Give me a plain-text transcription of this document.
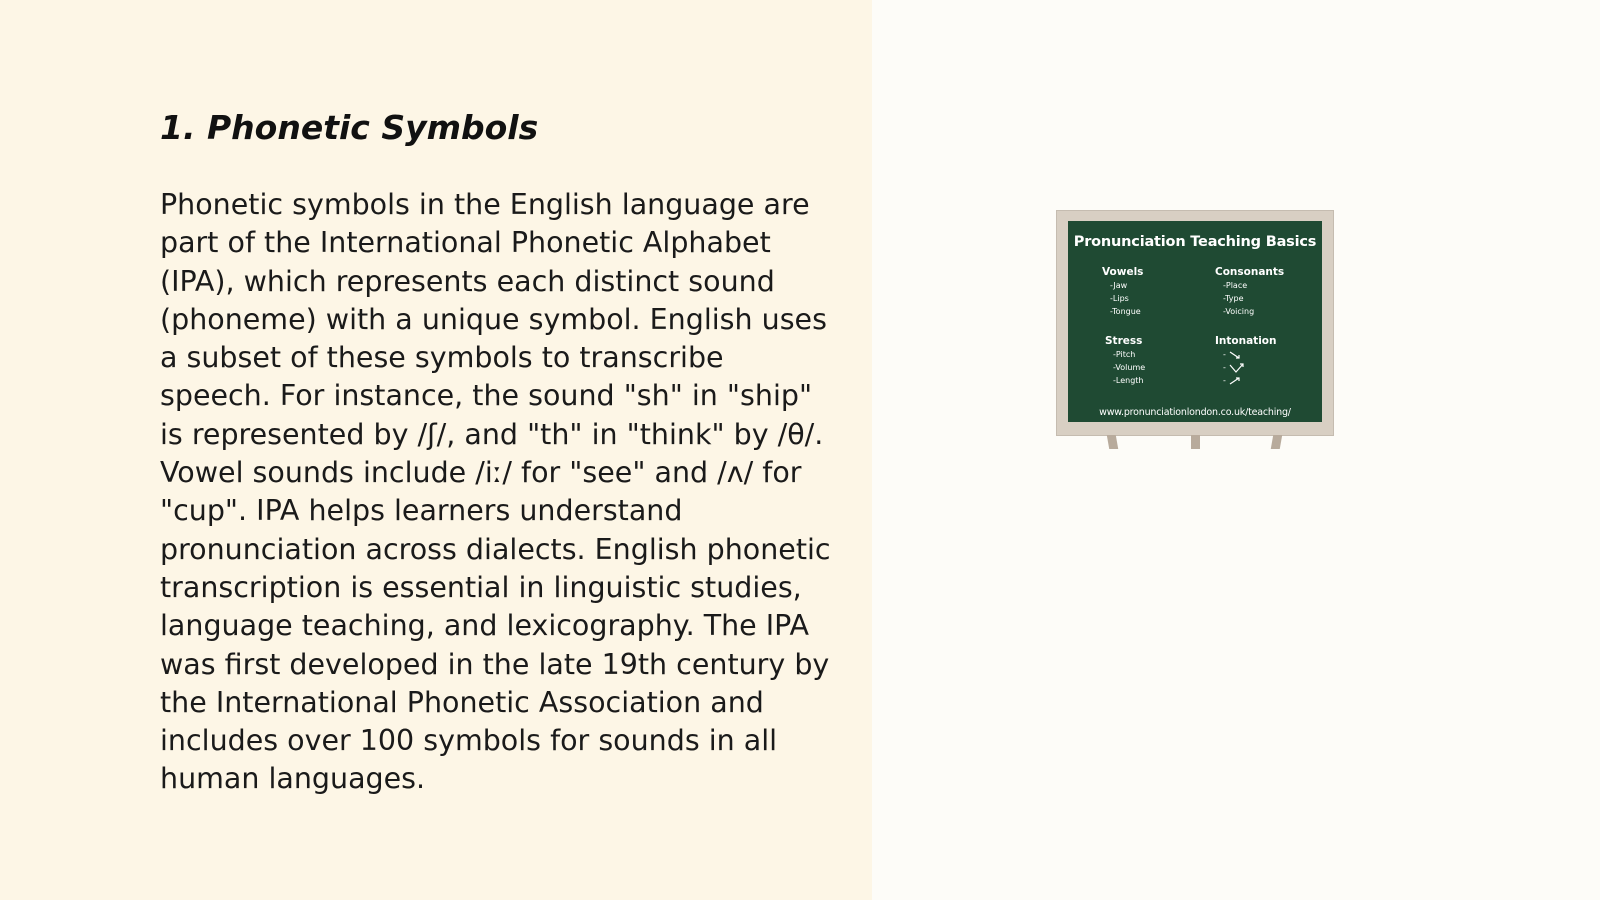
1. Phonetic Symbols

Phonetic symbols in the English language are part of the International Phonetic Alphabet (IPA), which represents each distinct sound (phoneme) with a unique symbol. English uses a subset of these symbols to transcribe speech. For instance, the sound "sh" in "ship" is represented by /ʃ/, and "th" in "think" by /θ/. Vowel sounds include /iː/ for "see" and /ʌ/ for "cup". IPA helps learners understand pronunciation across dialects. English phonetic transcription is essential in linguistic studies, language teaching, and lexicography. The IPA was first developed in the late 19th century by the International Phonetic Association and includes over 100 symbols for sounds in all human languages.

Pronunciation Teaching Basics
Vowels
-Jaw
-Lips
-Tongue
Consonants
-Place
-Type
-Voicing
Stress
-Pitch
-Volume
-Length
Intonation
-
-
-
www.pronunciationlondon.co.uk/teaching/
